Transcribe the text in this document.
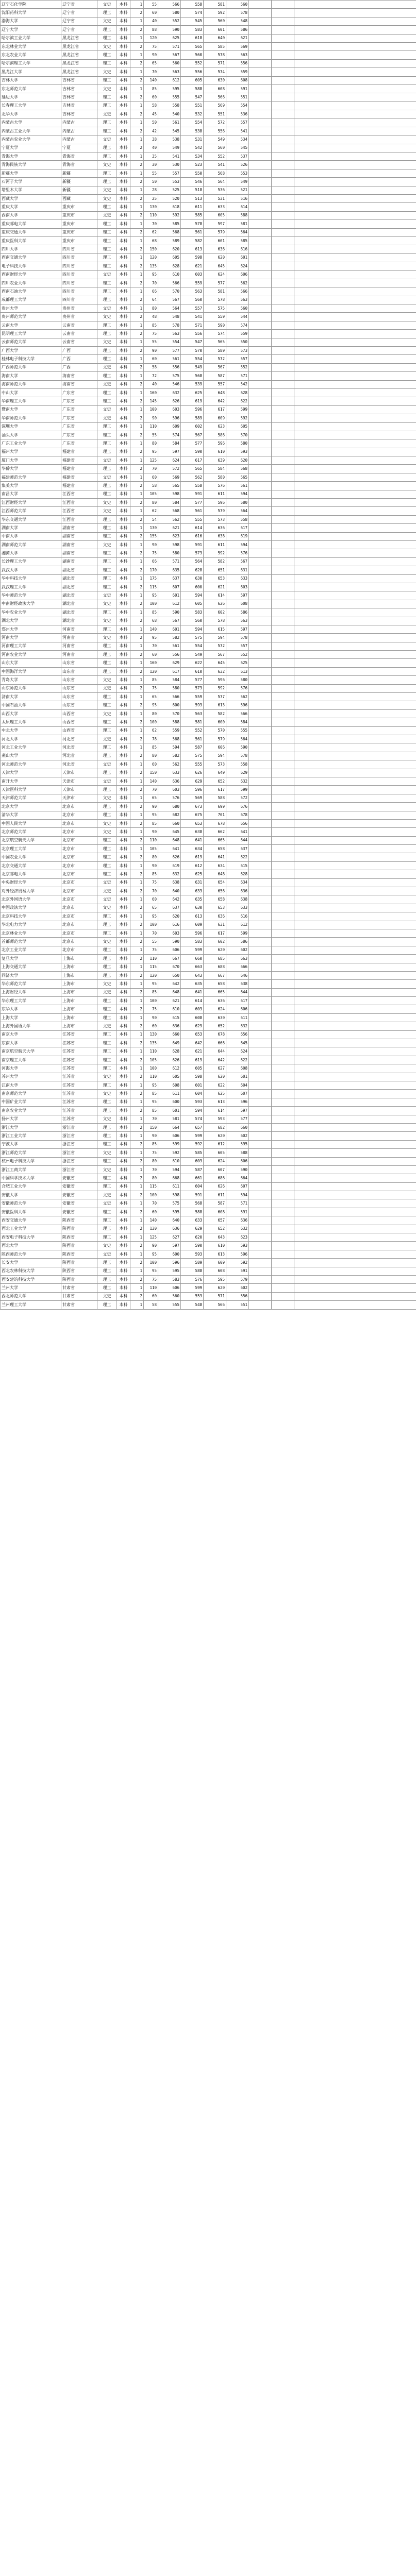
辽宁石化学院	辽宁省	文史	本科	1	55	566	558	581	560			
沈阳药科大学	辽宁省	理工	本科	2	60	580	574	592	578			
渤海大学	辽宁省	文史	本科	1	40	552	545	560	548			
辽宁大学	辽宁省	理工	本科	2	88	590	583	601	586			
哈尔滨工业大学	黑龙江省	理工	本科	1	120	625	618	640	621			
东北林业大学	黑龙江省	文史	本科	2	75	571	565	585	569			
东北农业大学	黑龙江省	理工	本科	1	90	567	560	578	563			
哈尔滨理工大学	黑龙江省	理工	本科	2	65	560	552	571	556			
黑龙江大学	黑龙江省	文史	本科	1	70	563	556	574	559			
吉林大学	吉林省	理工	本科	2	140	612	605	630	608			
东北师范大学	吉林省	文史	本科	1	85	595	588	608	591			
延边大学	吉林省	理工	本科	2	60	555	547	566	551			
长春理工大学	吉林省	理工	本科	1	58	558	551	569	554			
北华大学	吉林省	文史	本科	2	45	540	532	551	536			
内蒙古大学	内蒙古	理工	本科	1	50	561	554	572	557			
内蒙古工业大学	内蒙古	理工	本科	2	42	545	538	556	541			
内蒙古农业大学	内蒙古	文史	本科	1	38	538	531	549	534			
宁夏大学	宁夏	理工	本科	2	40	549	542	560	545			
青海大学	青海省	理工	本科	1	35	541	534	552	537			
青海民族大学	青海省	文史	本科	2	30	530	523	541	526			
新疆大学	新疆	理工	本科	1	55	557	550	568	553			
石河子大学	新疆	理工	本科	2	50	553	546	564	549			
塔里木大学	新疆	文史	本科	1	28	525	518	536	521			
西藏大学	西藏	文史	本科	2	25	520	513	531	516			
重庆大学	重庆市	理工	本科	1	130	618	611	633	614			
西南大学	重庆市	文史	本科	2	110	592	585	605	588			
重庆邮电大学	重庆市	理工	本科	1	70	585	578	597	581			
重庆交通大学	重庆市	理工	本科	2	62	568	561	579	564			
重庆医科大学	重庆市	理工	本科	1	68	589	582	601	585			
四川大学	四川省	理工	本科	2	150	620	613	636	616			
西南交通大学	四川省	理工	本科	1	120	605	598	620	601			
电子科技大学	四川省	理工	本科	2	135	628	621	645	624			
西南财经大学	四川省	文史	本科	1	95	610	603	624	606			
四川农业大学	四川省	理工	本科	2	70	566	559	577	562			
西南石油大学	四川省	理工	本科	1	66	570	563	581	566			
成都理工大学	四川省	理工	本科	2	64	567	560	578	563			
贵州大学	贵州省	文史	本科	1	80	564	557	575	560			
贵州师范大学	贵州省	文史	本科	2	48	548	541	559	544			
云南大学	云南省	理工	本科	1	85	578	571	590	574			
昆明理工大学	云南省	理工	本科	2	75	563	556	574	559			
云南师范大学	云南省	文史	本科	1	55	554	547	565	550			
广西大学	广西	理工	本科	2	90	577	570	589	573			
桂林电子科技大学	广西	理工	本科	1	60	561	554	572	557			
广西师范大学	广西	文史	本科	2	58	556	549	567	552			
海南大学	海南省	理工	本科	1	72	575	568	587	571			
海南师范大学	海南省	文史	本科	2	40	546	539	557	542			
中山大学	广东省	理工	本科	1	160	632	625	648	628			
华南理工大学	广东省	理工	本科	2	145	626	619	642	622			
暨南大学	广东省	文史	本科	1	100	603	596	617	599			
华南师范大学	广东省	文史	本科	2	90	596	589	609	592			
深圳大学	广东省	理工	本科	1	110	609	602	623	605			
汕头大学	广东省	理工	本科	2	55	574	567	586	570			
广东工业大学	广东省	理工	本科	1	80	584	577	596	580			
福州大学	福建省	理工	本科	2	95	597	590	610	593			
厦门大学	福建省	文史	本科	1	125	624	617	639	620			
华侨大学	福建省	理工	本科	2	70	572	565	584	568			
福建师范大学	福建省	文史	本科	1	60	569	562	580	565			
集美大学	福建省	理工	本科	2	58	565	558	576	561			
南昌大学	江西省	理工	本科	1	105	598	591	611	594			
江西财经大学	江西省	文史	本科	2	80	584	577	596	580			
江西师范大学	江西省	文史	本科	1	62	568	561	579	564			
华东交通大学	江西省	理工	本科	2	54	562	555	573	558			
湖南大学	湖南省	理工	本科	1	130	621	614	636	617			
中南大学	湖南省	理工	本科	2	155	623	616	638	619			
湖南师范大学	湖南省	文史	本科	1	90	598	591	611	594			
湘潭大学	湖南省	理工	本科	2	75	580	573	592	576			
长沙理工大学	湖南省	理工	本科	1	66	571	564	582	567			
武汉大学	湖北省	理工	本科	2	170	635	628	651	631			
华中科技大学	湖北省	理工	本科	1	175	637	630	653	633			
武汉理工大学	湖北省	理工	本科	2	115	607	600	621	603			
华中师范大学	湖北省	文史	本科	1	95	601	594	614	597			
中南财经政法大学	湖北省	文史	本科	2	100	612	605	626	608			
华中农业大学	湖北省	理工	本科	1	85	590	583	602	586			
湖北大学	湖北省	文史	本科	2	68	567	560	578	563			
郑州大学	河南省	理工	本科	1	140	601	594	615	597			
河南大学	河南省	文史	本科	2	95	582	575	594	578			
河南理工大学	河南省	理工	本科	1	70	561	554	572	557			
河南农业大学	河南省	理工	本科	2	60	556	549	567	552			
山东大学	山东省	理工	本科	1	160	629	622	645	625			
中国海洋大学	山东省	理工	本科	2	120	617	610	632	613			
青岛大学	山东省	文史	本科	1	85	584	577	596	580			
山东师范大学	山东省	文史	本科	2	75	580	573	592	576			
济南大学	山东省	理工	本科	1	65	566	559	577	562			
中国石油大学	山东省	理工	本科	2	95	600	593	613	596			
山西大学	山西省	文史	本科	1	80	570	563	582	566			
太原理工大学	山西省	理工	本科	2	100	588	581	600	584			
中北大学	山西省	理工	本科	1	62	559	552	570	555			
河北大学	河北省	文史	本科	2	78	568	561	579	564			
河北工业大学	河北省	理工	本科	1	85	594	587	606	590			
燕山大学	河北省	理工	本科	2	80	582	575	594	578			
河北师范大学	河北省	文史	本科	1	60	562	555	573	558			
天津大学	天津市	理工	本科	2	150	633	626	649	629			
南开大学	天津市	文史	本科	1	140	636	629	652	632			
天津医科大学	天津市	理工	本科	2	70	603	596	617	599			
天津师范大学	天津市	文史	本科	1	65	576	569	588	572			
北京大学	北京市	理工	本科	2	90	680	673	699	676			
清华大学	北京市	理工	本科	1	95	682	675	701	678			
中国人民大学	北京市	文史	本科	2	85	660	653	678	656			
北京师范大学	北京市	文史	本科	1	90	645	638	662	641			
北京航空航天大学	北京市	理工	本科	2	110	648	641	665	644			
北京理工大学	北京市	理工	本科	1	105	641	634	658	637			
中国农业大学	北京市	理工	本科	2	80	626	619	641	622			
北京交通大学	北京市	理工	本科	1	90	619	612	634	615			
北京邮电大学	北京市	理工	本科	2	85	632	625	648	628			
中央财经大学	北京市	文史	本科	1	75	638	631	654	634			
对外经济贸易大学	北京市	文史	本科	2	70	640	633	656	636			
北京外国语大学	北京市	文史	本科	1	60	642	635	658	638			
中国政法大学	北京市	文史	本科	2	65	637	630	653	633			
北京科技大学	北京市	理工	本科	1	95	620	613	636	616			
华北电力大学	北京市	理工	本科	2	100	616	609	631	612			
北京林业大学	北京市	理工	本科	1	70	603	596	617	599			
首都师范大学	北京市	文史	本科	2	55	590	583	602	586			
北京工业大学	北京市	理工	本科	1	75	606	599	620	602			
复旦大学	上海市	理工	本科	2	110	667	660	685	663			
上海交通大学	上海市	理工	本科	1	115	670	663	688	666			
同济大学	上海市	理工	本科	2	120	650	643	667	646			
华东师范大学	上海市	文史	本科	1	95	642	635	658	638			
上海财经大学	上海市	文史	本科	2	85	648	641	665	644			
华东理工大学	上海市	理工	本科	1	100	621	614	636	617			
东华大学	上海市	理工	本科	2	75	610	603	624	606			
上海大学	上海市	理工	本科	1	90	615	608	630	611			
上海外国语大学	上海市	文史	本科	2	60	636	629	652	632			
南京大学	江苏省	理工	本科	1	130	660	653	678	656			
东南大学	江苏省	理工	本科	2	135	649	642	666	645			
南京航空航天大学	江苏省	理工	本科	1	110	628	621	644	624			
南京理工大学	江苏省	理工	本科	2	105	626	619	642	622			
河海大学	江苏省	理工	本科	1	100	612	605	627	608			
苏州大学	江苏省	文史	本科	2	110	605	598	620	601			
江南大学	江苏省	理工	本科	1	95	608	601	622	604			
南京师范大学	江苏省	文史	本科	2	85	611	604	625	607			
中国矿业大学	江苏省	理工	本科	1	95	600	593	613	596			
南京农业大学	江苏省	理工	本科	2	85	601	594	614	597			
扬州大学	江苏省	文史	本科	1	70	581	574	593	577			
浙江大学	浙江省	理工	本科	2	150	664	657	682	660			
浙江工业大学	浙江省	理工	本科	1	90	606	599	620	602			
宁波大学	浙江省	理工	本科	2	85	599	592	612	595			
浙江师范大学	浙江省	文史	本科	1	75	592	585	605	588			
杭州电子科技大学	浙江省	理工	本科	2	80	610	603	624	606			
浙江工商大学	浙江省	文史	本科	1	70	594	587	607	590			
中国科学技术大学	安徽省	理工	本科	2	80	668	661	686	664			
合肥工业大学	安徽省	理工	本科	1	115	611	604	626	607			
安徽大学	安徽省	文史	本科	2	100	598	591	611	594			
安徽师范大学	安徽省	文史	本科	1	70	575	568	587	571			
安徽医科大学	安徽省	理工	本科	2	60	595	588	608	591			
西安交通大学	陕西省	理工	本科	1	140	640	633	657	636			
西北工业大学	陕西省	理工	本科	2	130	636	629	652	632			
西安电子科技大学	陕西省	理工	本科	1	125	627	620	643	623			
西北大学	陕西省	文史	本科	2	90	597	590	610	593			
陕西师范大学	陕西省	文史	本科	1	95	600	593	613	596			
长安大学	陕西省	理工	本科	2	100	596	589	609	592			
西北农林科技大学	陕西省	理工	本科	1	95	595	588	608	591			
西安建筑科技大学	陕西省	理工	本科	2	75	583	576	595	579			
兰州大学	甘肃省	理工	本科	1	110	606	599	620	602			
西北师范大学	甘肃省	文史	本科	2	60	560	553	571	556			
兰州理工大学	甘肃省	理工	本科	1	58	555	548	566	551			
